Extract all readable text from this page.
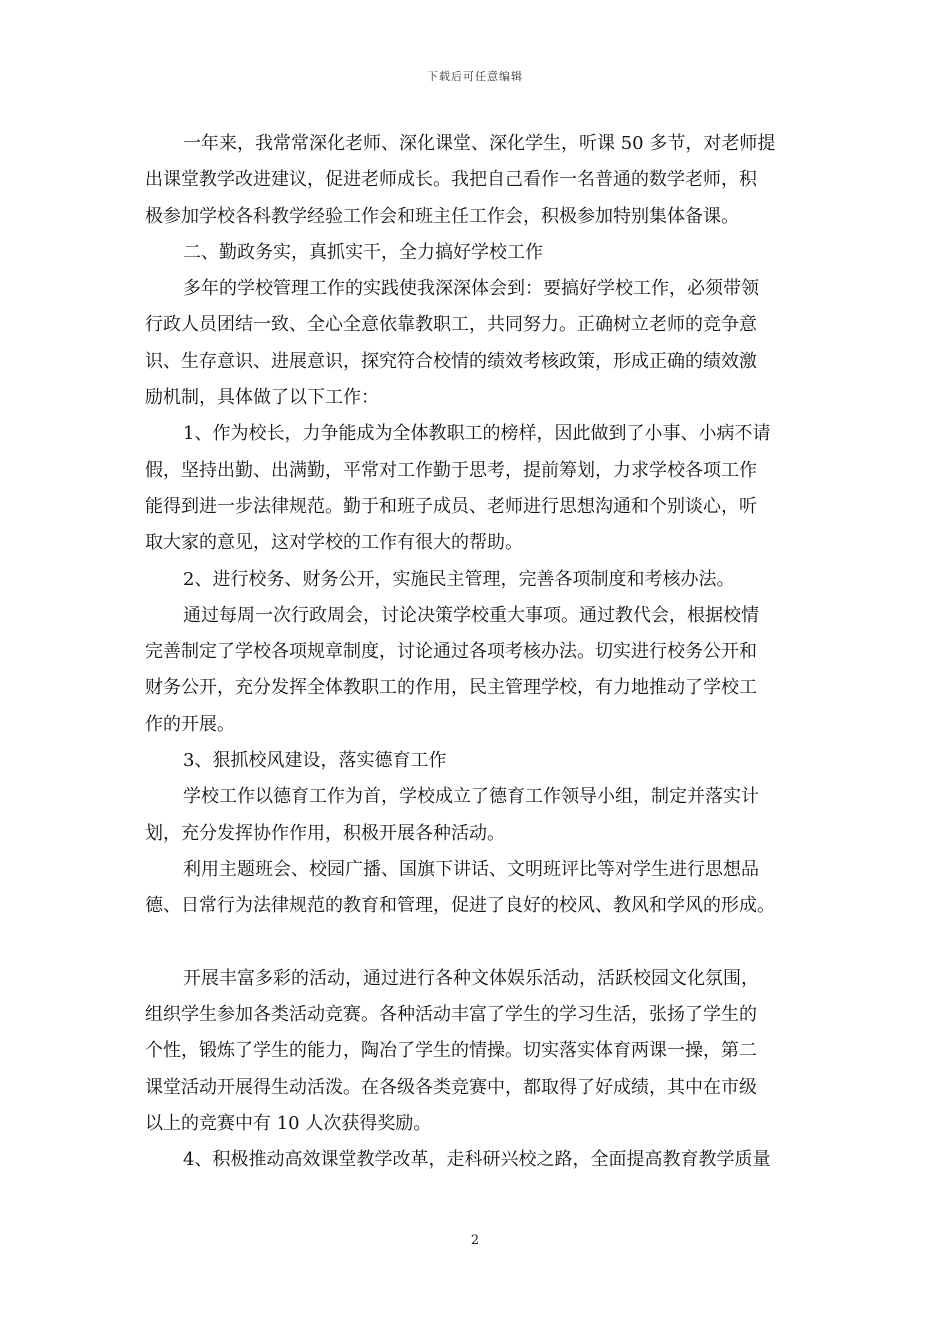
下载后可任意编辑
一年来，我常常深化老师、深化课堂、深化学生，听课 50 多节，对老师提
出课堂教学改进建议，促进老师成长。我把自己看作一名普通的数学老师，积
极参加学校各科教学经验工作会和班主任工作会，积极参加特别集体备课。
二、勤政务实，真抓实干，全力搞好学校工作
多年的学校管理工作的实践使我深深体会到：要搞好学校工作，必须带领
行政人员团结一致、全心全意依靠教职工，共同努力。正确树立老师的竞争意
识、生存意识、进展意识，探究符合校情的绩效考核政策，形成正确的绩效激
励机制，具体做了以下工作：
1、作为校长，力争能成为全体教职工的榜样，因此做到了小事、小病不请
假，坚持出勤、出满勤，平常对工作勤于思考，提前筹划，力求学校各项工作
能得到进一步法律规范。勤于和班子成员、老师进行思想沟通和个别谈心，听
取大家的意见，这对学校的工作有很大的帮助。
2、进行校务、财务公开，实施民主管理，完善各项制度和考核办法。
通过每周一次行政周会，讨论决策学校重大事项。通过教代会，根据校情
完善制定了学校各项规章制度，讨论通过各项考核办法。切实进行校务公开和
财务公开，充分发挥全体教职工的作用，民主管理学校，有力地推动了学校工
作的开展。
3、狠抓校风建设，落实德育工作
学校工作以德育工作为首，学校成立了德育工作领导小组，制定并落实计
划，充分发挥协作作用，积极开展各种活动。
利用主题班会、校园广播、国旗下讲话、文明班评比等对学生进行思想品
德、日常行为法律规范的教育和管理，促进了良好的校风、教风和学风的形成。
开展丰富多彩的活动，通过进行各种文体娱乐活动，活跃校园文化氛围，
组织学生参加各类活动竞赛。各种活动丰富了学生的学习生活，张扬了学生的
个性，锻炼了学生的能力，陶冶了学生的情操。切实落实体育两课一操，第二
课堂活动开展得生动活泼。在各级各类竞赛中，都取得了好成绩，其中在市级
以上的竞赛中有 10 人次获得奖励。
4、积极推动高效课堂教学改革，走科研兴校之路，全面提高教育教学质量
2
